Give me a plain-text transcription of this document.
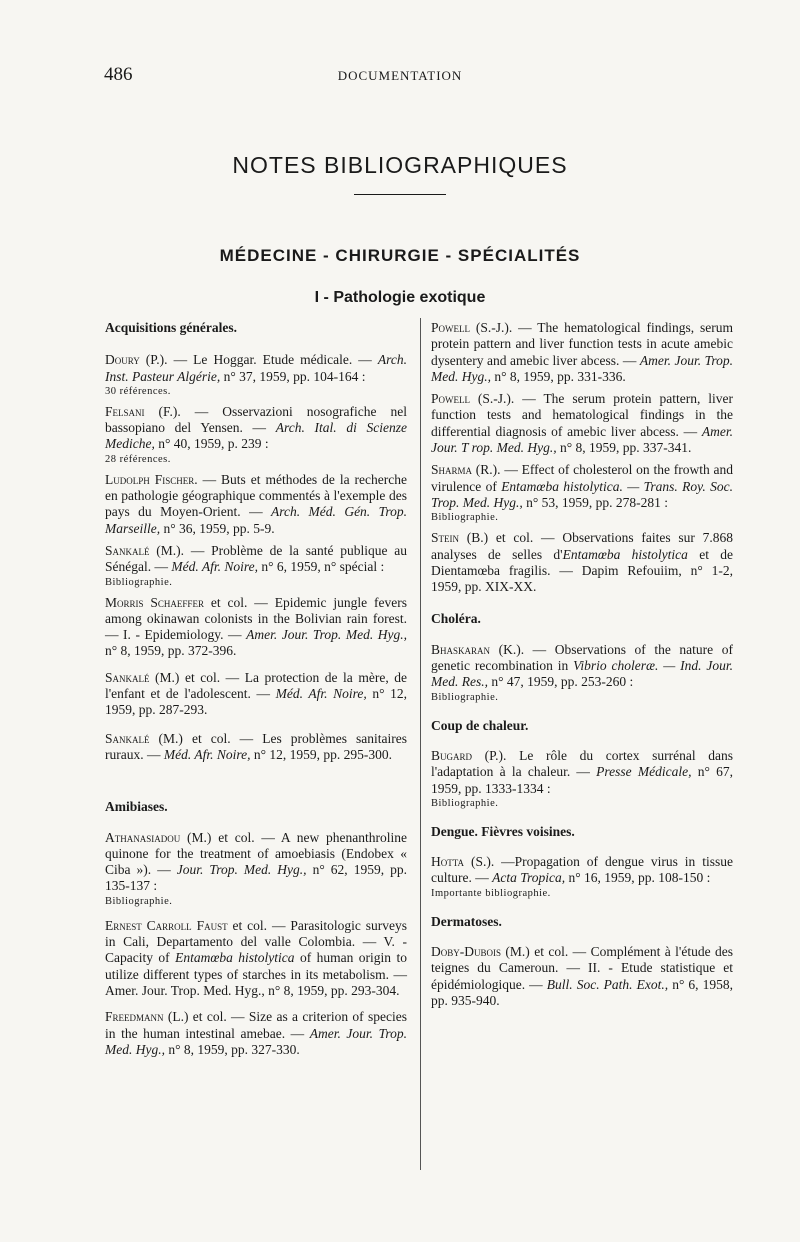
486	DOCUMENTATION
NOTES BIBLIOGRAPHIQUES
MÉDECINE - CHIRURGIE - SPÉCIALITÉS
I - Pathologie exotique
Acquisitions générales.
Doury (P.). — Le Hoggar. Etude médicale. — Arch. Inst. Pasteur Algérie, n° 37, 1959, pp. 104-164 :
30 références.
Felsani (F.). — Osservazioni nosografiche nel bassopiano del Yensen. — Arch. Ital. di Scienze Mediche, n° 40, 1959, p. 239 :
28 références.
Ludolph Fischer. — Buts et méthodes de la recherche en pathologie géographique commentés à l'exemple des pays du Moyen-Orient. — Arch. Méd. Gén. Trop. Marseille, n° 36, 1959, pp. 5-9.
Sankalé (M.). — Problème de la santé publique au Sénégal. — Méd. Afr. Noire, n° 6, 1959, n° spécial :
Bibliographie.
Morris Schaeffer et col. — Epidemic jungle fevers among okinawan colonists in the Bolivian rain forest. — I. - Epidemiology. — Amer. Jour. Trop. Med. Hyg., n° 8, 1959, pp. 372-396.
Sankalé (M.) et col. — La protection de la mère, de l'enfant et de l'adolescent. — Méd. Afr. Noire, n° 12, 1959, pp. 287-293.
Sankalé (M.) et col. — Les problèmes sanitaires ruraux. — Méd. Afr. Noire, n° 12, 1959, pp. 295-300.
Amibiases.
Athanasiadou (M.) et col. — A new phenanthroline quinone for the treatment of amoebiasis (Endobex « Ciba »). — Jour. Trop. Med. Hyg., n° 62, 1959, pp. 135-137 :
Bibliographie.
Ernest Carroll Faust et col. — Parasitologic surveys in Cali, Departamento del valle Colombia. — V. - Capacity of Entamœba histolytica of human origin to utilize different types of starches in its metabolism. — Amer. Jour. Trop. Med. Hyg., n° 8, 1959, pp. 293-304.
Freedmann (L.) et col. — Size as a criterion of species in the human intestinal amebae. — Amer. Jour. Trop. Med. Hyg., n° 8, 1959, pp. 327-330.
Powell (S.-J.). — The hematological findings, serum protein pattern and liver function tests in acute amebic dysentery and amebic liver abcess. — Amer. Jour. Trop. Med. Hyg., n° 8, 1959, pp. 331-336.
Powell (S.-J.). — The serum protein pattern, liver function tests and hematological findings in the differential diagnosis of amebic liver abcess. — Amer. Jour. T rop. Med. Hyg., n° 8, 1959, pp. 337-341.
Sharma (R.). — Effect of cholesterol on the frowth and virulence of Entamœba histolytica. — Trans. Roy. Soc. Trop. Med. Hyg., n° 53, 1959, pp. 278-281 :
Bibliographie.
Stein (B.) et col. — Observations faites sur 7.868 analyses de selles d'Entamœba histolytica et de Dientamœba fragilis. — Dapim Refouiim, n° 1-2, 1959, pp. XIX-XX.
Choléra.
Bhaskaran (K.). — Observations of the nature of genetic recombination in Vibrio choleræ. — Ind. Jour. Med. Res., n° 47, 1959, pp. 253-260 :
Bibliographie.
Coup de chaleur.
Bugard (P.). Le rôle du cortex surrénal dans l'adaptation à la chaleur. — Presse Médicale, n° 67, 1959, pp. 1333-1334 :
Bibliographie.
Dengue. Fièvres voisines.
Hotta (S.). —Propagation of dengue virus in tissue culture. — Acta Tropica, n° 16, 1959, pp. 108-150 :
Importante bibliographie.
Dermatoses.
Doby-Dubois (M.) et col. — Complément à l'étude des teignes du Cameroun. — II. - Etude statistique et épidémiologique. — Bull. Soc. Path. Exot., n° 6, 1958, pp. 935-940.
